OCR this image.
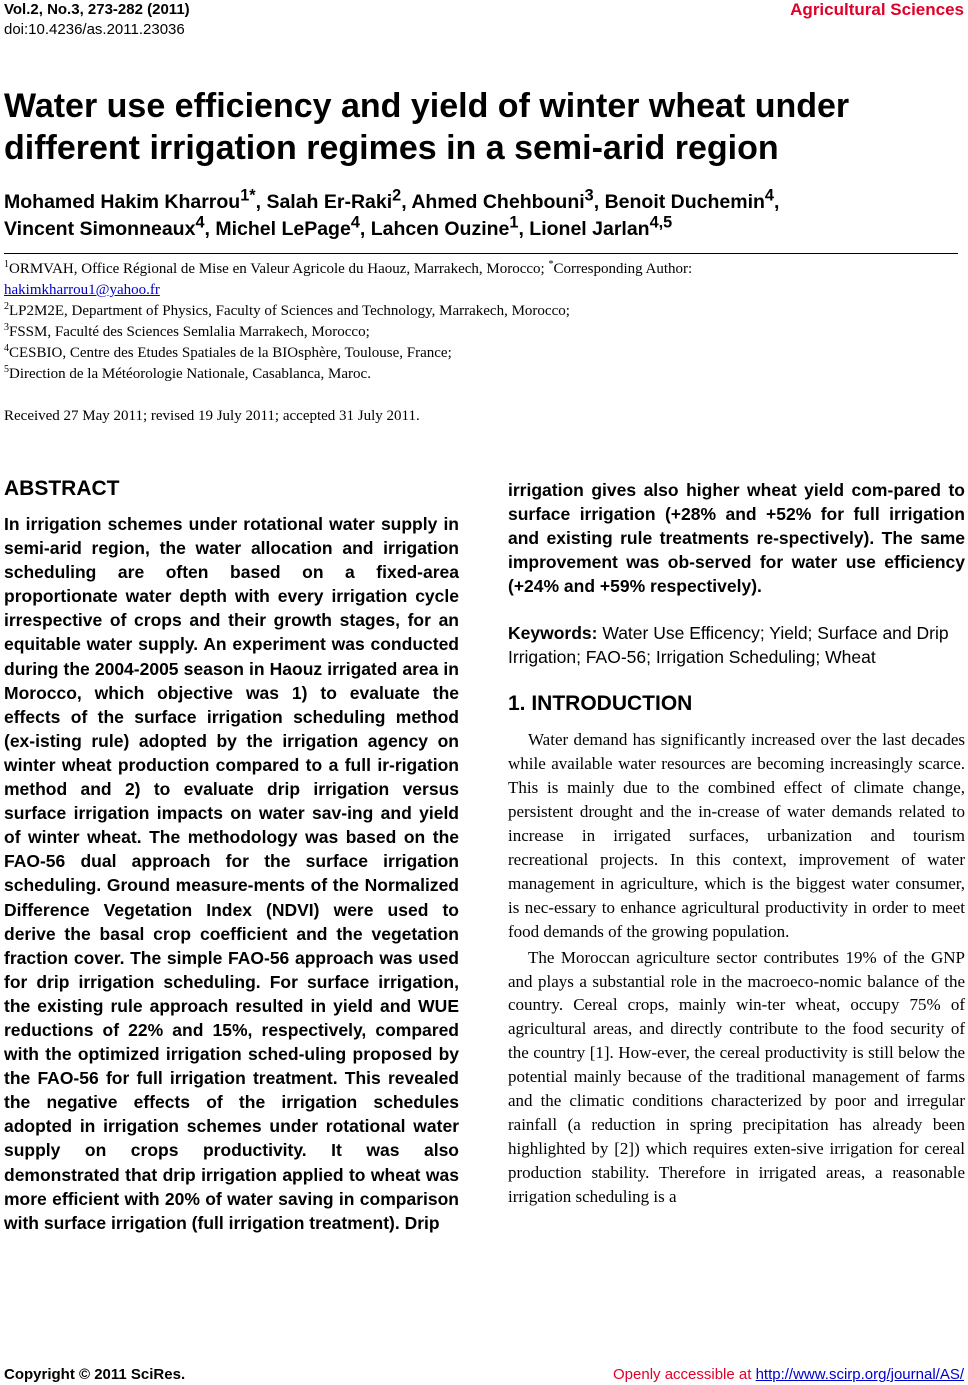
Vol.2, No.3, 273-282 (2011)
doi:10.4236/as.2011.23036
Agricultural Sciences
Water use efficiency and yield of winter wheat under different irrigation regimes in a semi-arid region
Mohamed Hakim Kharrou$^{1*}$, Salah Er-Raki$^2$, Ahmed Chehbouni$^3$, Benoit Duchemin$^4$,
Vincent Simonneaux$^4$, Michel LePage$^4$, Lahcen Ouzine$^1$, Lionel Jarlan$^{4,5}$
$^1$ORMVAH, Office Régional de Mise en Valeur Agricole du Haouz, Marrakech, Morocco; *Corresponding Author:
hakimkharrou1@yahoo.fr
$^2$LP2M2E, Department of Physics, Faculty of Sciences and Technology, Marrakech, Morocco;
$^3$FSSM, Faculté des Sciences Semlalia Marrakech, Morocco;
$^4$CESBIO, Centre des Etudes Spatiales de la BIOsphère, Toulouse, France;
$^5$Direction de la Météorologie Nationale, Casablanca, Maroc.
Received 27 May 2011; revised 19 July 2011; accepted 31 July 2011.
ABSTRACT

In irrigation schemes under rotational water supply in semi-arid region, the water allocation and irrigation scheduling are often based on a fixed-area proportionate water depth with every irrigation cycle irrespective of crops and their growth stages, for an equitable water supply. An experiment was conducted during the 2004-2005 season in Haouz irrigated area in Morocco, which objective was 1) to evaluate the effects of the surface irrigation scheduling method (ex-isting rule) adopted by the irrigation agency on winter wheat production compared to a full ir-rigation method and 2) to evaluate drip irrigation versus surface irrigation impacts on water sav-ing and yield of winter wheat. The methodology was based on the FAO-56 dual approach for the surface irrigation scheduling. Ground measure-ments of the Normalized Difference Vegetation Index (NDVI) were used to derive the basal crop coefficient and the vegetation fraction cover. The simple FAO-56 approach was used for drip irrigation scheduling. For surface irrigation, the existing rule approach resulted in yield and WUE reductions of 22% and 15%, respectively, compared with the optimized irrigation sched-uling proposed by the FAO-56 for full irrigation treatment. This revealed the negative effects of the irrigation schedules adopted in irrigation schemes under rotational water supply on crops productivity. It was also demonstrated that drip irrigation applied to wheat was more efficient with 20% of water saving in comparison with surface irrigation (full irrigation treatment). Drip

irrigation gives also higher wheat yield com-pared to surface irrigation (+28% and +52% for full irrigation and existing rule treatments re-spectively). The same improvement was ob-served for water use efficiency (+24% and +59% respectively).

Keywords: Water Use Efficency; Yield; Surface and Drip Irrigation; FAO-56; Irrigation Scheduling; Wheat

1. INTRODUCTION

Water demand has significantly increased over the last decades while available water resources are becoming increasingly scarce. This is mainly due to the combined effect of climate change, persistent drought and the in-crease of water demands related to increase in irrigated surfaces, urbanization and tourism recreational projects. In this context, improvement of water management in agriculture, which is the biggest water consumer, is nec-essary to enhance agricultural productivity in order to meet food demands of the growing population.

The Moroccan agriculture sector contributes 19% of the GNP and plays a substantial role in the macroeco-nomic balance of the country. Cereal crops, mainly win-ter wheat, occupy 75% of agricultural areas, and directly contribute to the food security of the country [1]. How-ever, the cereal productivity is still below the potential mainly because of the traditional management of farms and the climatic conditions characterized by poor and irregular rainfall (a reduction in spring precipitation has already been highlighted by [2]) which requires exten-sive irrigation for cereal production stability. Therefore in irrigated areas, a reasonable irrigation scheduling is a

Copyright © 2011 SciRes.	Openly accessible at http://www.scirp.org/journal/AS/
